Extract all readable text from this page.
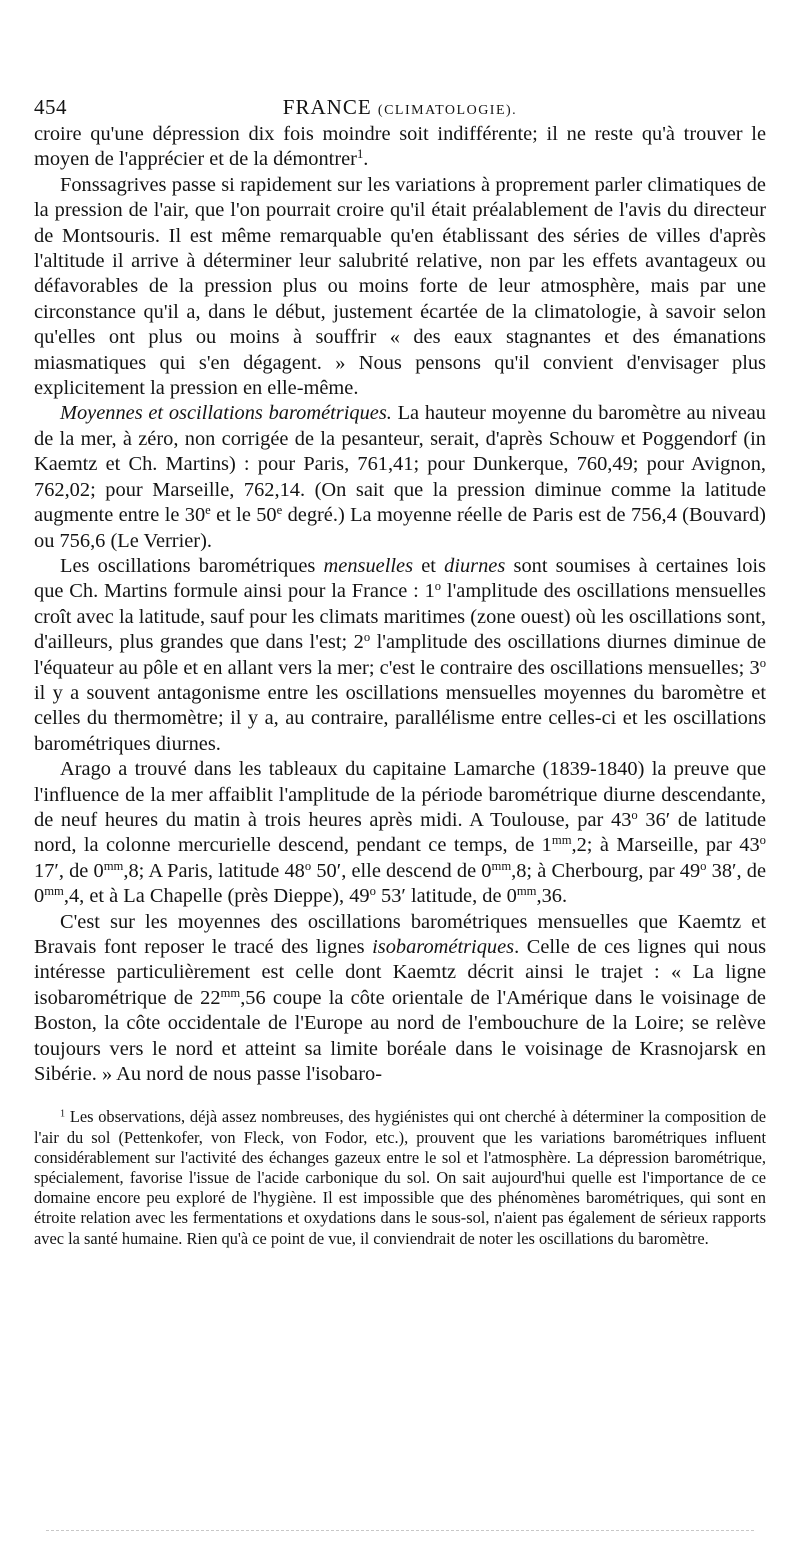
454	FRANCE (CLIMATOLOGIE).

croire qu'une dépression dix fois moindre soit indifférente; il ne reste qu'à trouver le moyen de l'apprécier et de la démontrer$^1$.

Fonssagrives passe si rapidement sur les variations à proprement parler climatiques de la pression de l'air, que l'on pourrait croire qu'il était préalablement de l'avis du directeur de Montsouris. Il est même remarquable qu'en établissant des séries de villes d'après l'altitude il arrive à déterminer leur salubrité relative, non par les effets avantageux ou défavorables de la pression plus ou moins forte de leur atmosphère, mais par une circonstance qu'il a, dans le début, justement écartée de la climatologie, à savoir selon qu'elles ont plus ou moins à souffrir « des eaux stagnantes et des émanations miasmatiques qui s'en dégagent. » Nous pensons qu'il convient d'envisager plus explicitement la pression en elle-même.

Moyennes et oscillations barométriques. La hauteur moyenne du baromètre au niveau de la mer, à zéro, non corrigée de la pesanteur, serait, d'après Schouw et Poggendorf (in Kaemtz et Ch. Martins) : pour Paris, 761,41; pour Dunkerque, 760,49; pour Avignon, 762,02; pour Marseille, 762,14. (On sait que la pression diminue comme la latitude augmente entre le 30e et le 50e degré.) La moyenne réelle de Paris est de 756,4 (Bouvard) ou 756,6 (Le Verrier).

Les oscillations barométriques mensuelles et diurnes sont soumises à certaines lois que Ch. Martins formule ainsi pour la France : 1$^o$ l'amplitude des oscillations mensuelles croît avec la latitude, sauf pour les climats maritimes (zone ouest) où les oscillations sont, d'ailleurs, plus grandes que dans l'est; 2$^o$ l'amplitude des oscillations diurnes diminue de l'équateur au pôle et en allant vers la mer; c'est le contraire des oscillations mensuelles; 3$^o$ il y a souvent antagonisme entre les oscillations mensuelles moyennes du baromètre et celles du thermomètre; il y a, au contraire, parallélisme entre celles-ci et les oscillations barométriques diurnes.

Arago a trouvé dans les tableaux du capitaine Lamarche (1839-1840) la preuve que l'influence de la mer affaiblit l'amplitude de la période barométrique diurne descendante, de neuf heures du matin à trois heures après midi. A Toulouse, par 43$^o$ 36′ de latitude nord, la colonne mercurielle descend, pendant ce temps, de $1^{mm},2$; à Marseille, par 43$^o$ 17′, de $0^{mm},8$; A Paris, latitude 48$^o$ 50′, elle descend de $0^{mm},8$; à Cherbourg, par 49$^o$ 38′, de $0^{mm},4$, et à La Chapelle (près Dieppe), 49$^o$ 53′ latitude, de $0^{mm},36$.

C'est sur les moyennes des oscillations barométriques mensuelles que Kaemtz et Bravais font reposer le tracé des lignes isobarométriques. Celle de ces lignes qui nous intéresse particulièrement est celle dont Kaemtz décrit ainsi le trajet : « La ligne isobarométrique de $22^{mm},56$ coupe la côte orientale de l'Amérique dans le voisinage de Boston, la côte occidentale de l'Europe au nord de l'embouchure de la Loire; se relève toujours vers le nord et atteint sa limite boréale dans le voisinage de Krasnojarsk en Sibérie. » Au nord de nous passe l'isobaro-

$^1$ Les observations, déjà assez nombreuses, des hygiénistes qui ont cherché à déterminer la composition de l'air du sol (Pettenkofer, von Fleck, von Fodor, etc.), prouvent que les variations barométriques influent considérablement sur l'activité des échanges gazeux entre le sol et l'atmosphère. La dépression barométrique, spécialement, favorise l'issue de l'acide carbonique du sol. On sait aujourd'hui quelle est l'importance de ce domaine encore peu exploré de l'hygiène. Il est impossible que des phénomènes barométriques, qui sont en étroite relation avec les fermentations et oxydations dans le sous-sol, n'aient pas également de sérieux rapports avec la santé humaine. Rien qu'à ce point de vue, il conviendrait de noter les oscillations du baromètre.
